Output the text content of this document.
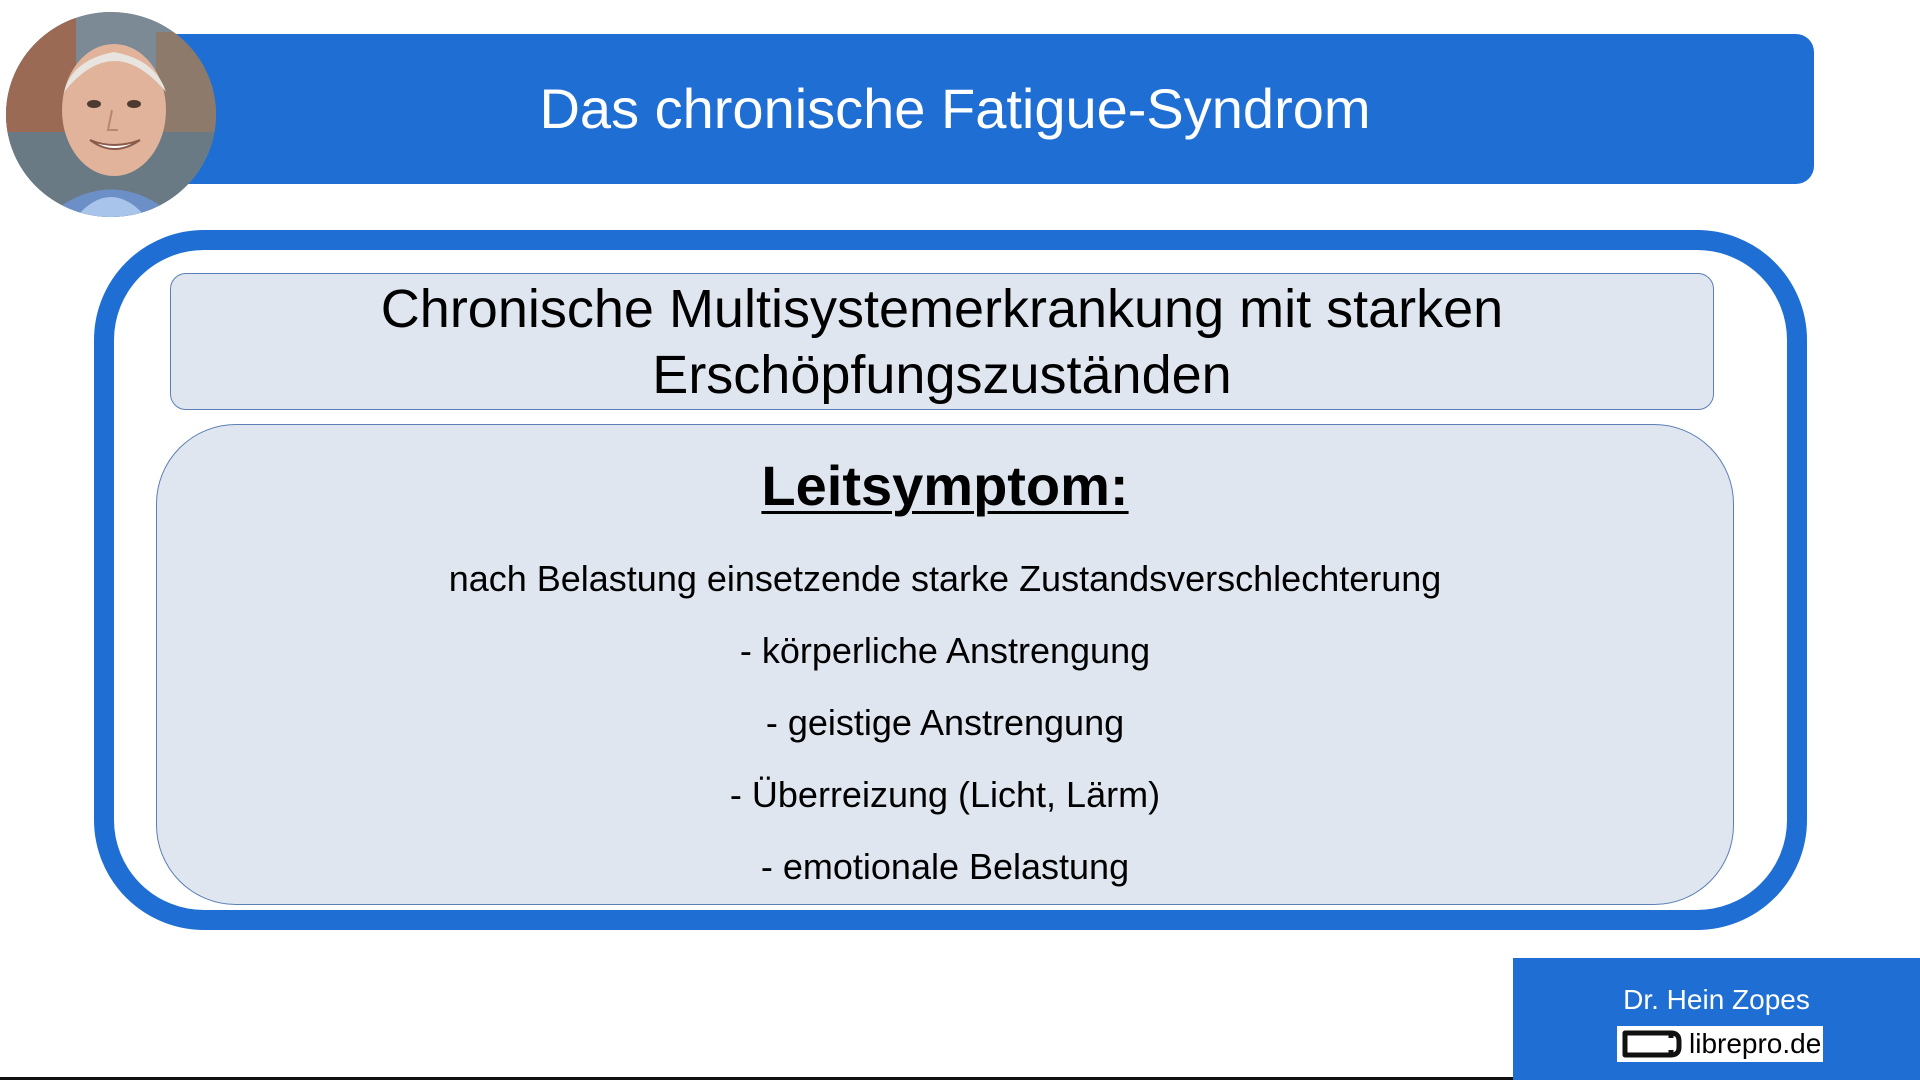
Das chronische Fatigue-Syndrom
Chronische Multisystemerkrankung mit starken
Erschöpfungszuständen
Leitsymptom:
nach Belastung einsetzende starke Zustandsverschlechterung
- körperliche Anstrengung
- geistige Anstrengung
- Überreizung (Licht, Lärm)
- emotionale Belastung
Dr. Hein Zopes
librepro.de
